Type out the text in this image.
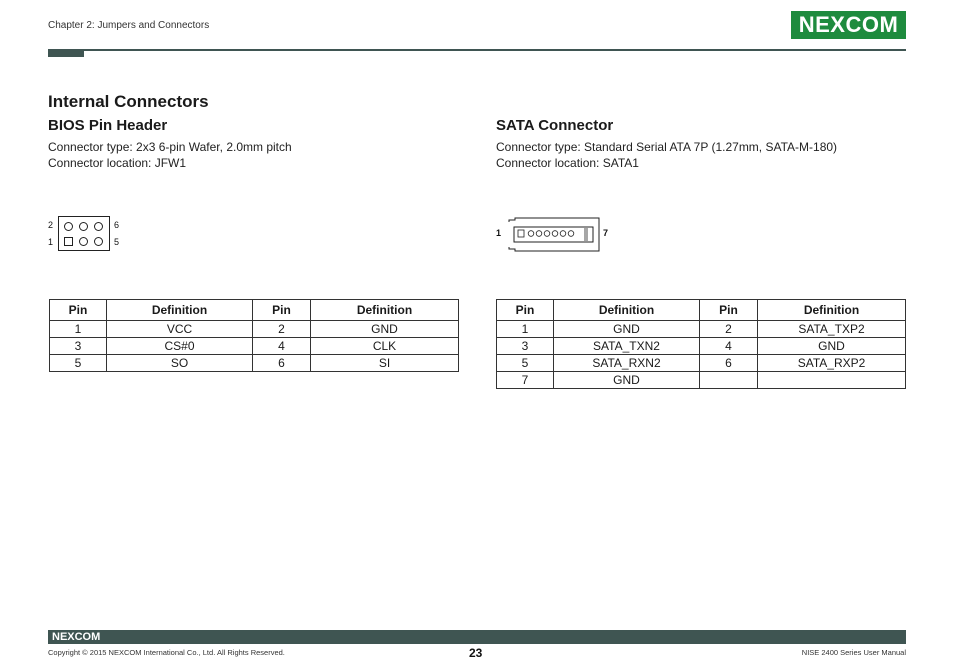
Chapter 2: Jumpers and Connectors	NEXCOM
Internal Connectors
BIOS Pin Header
Connector type: 2x3 6-pin Wafer, 2.0mm pitch
Connector location: JFW1
2	6
1	5
Pin	Definition	Pin	Definition
1	VCC	2	GND
3	CS#0	4	CLK
5	SO	6	SI
SATA Connector
Connector type: Standard Serial ATA 7P (1.27mm, SATA-M-180)
Connector location: SATA1
1	7
Pin	Definition	Pin	Definition
1	GND	2	SATA_TXP2
3	SATA_TXN2	4	GND
5	SATA_RXN2	6	SATA_RXP2
7	GND		
NEXCOM
Copyright © 2015 NEXCOM International Co., Ltd. All Rights Reserved.	23	NISE 2400 Series User Manual
